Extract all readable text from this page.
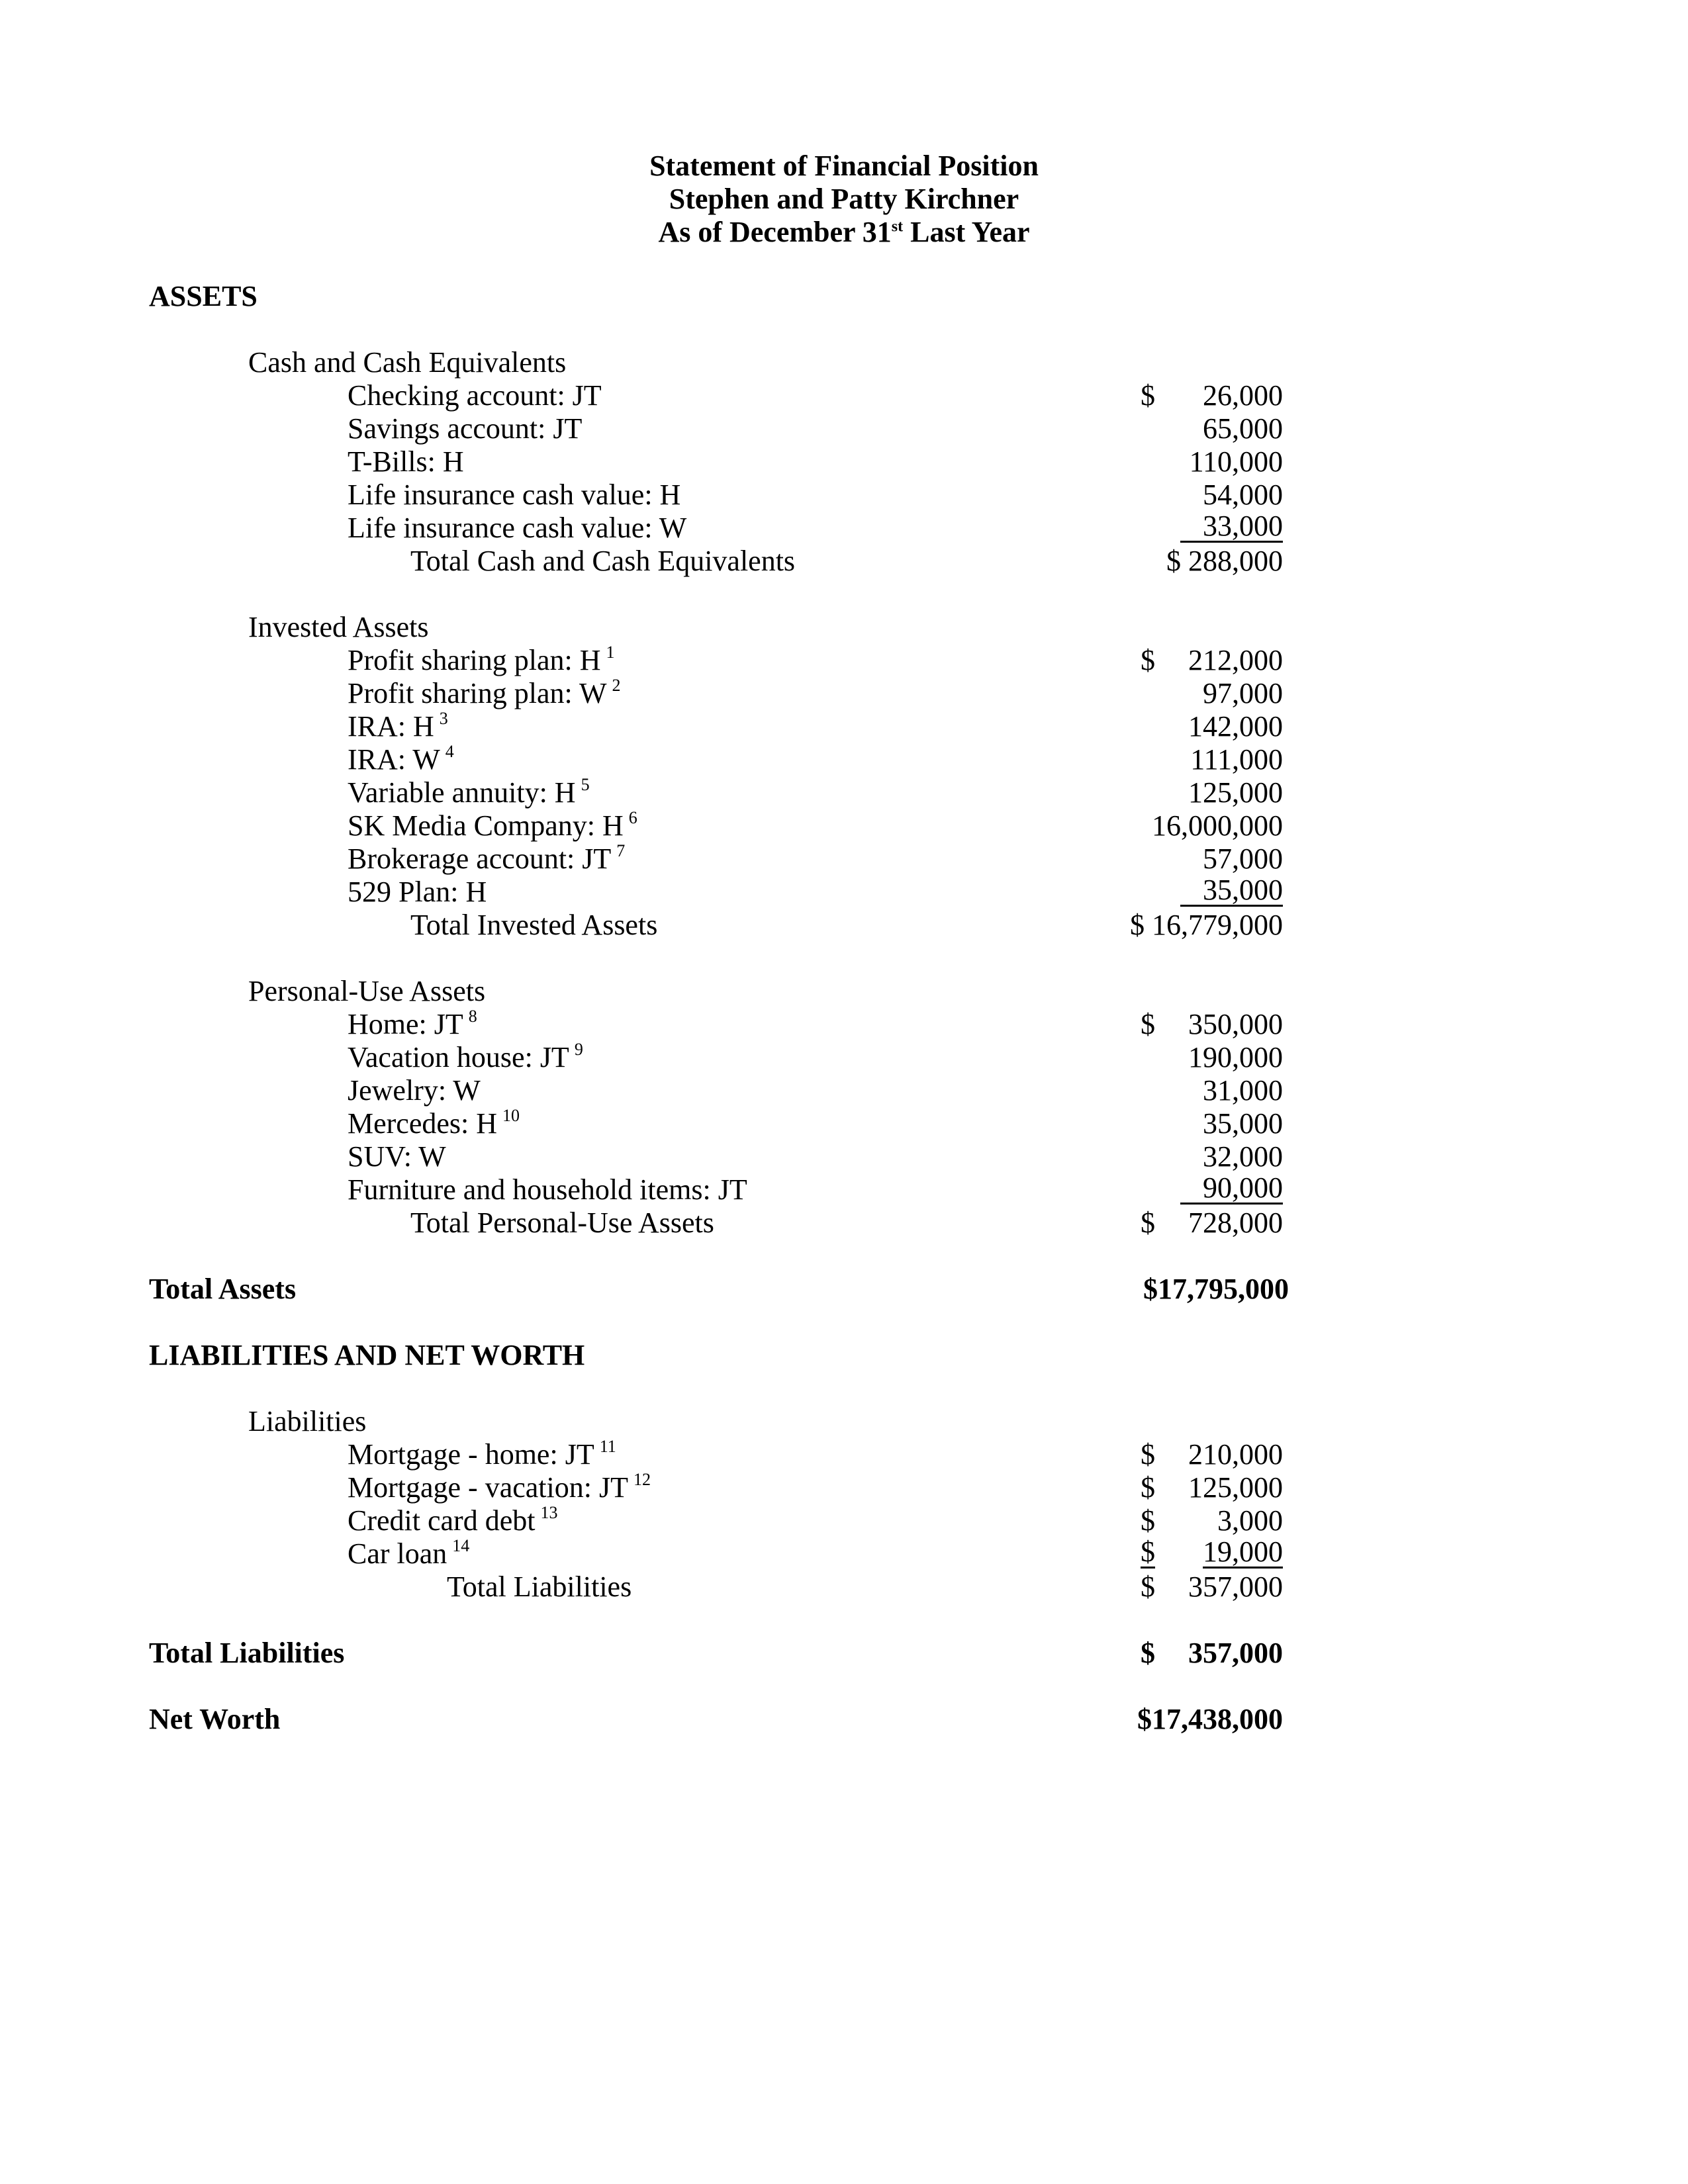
Statement of Financial Position
Stephen and Patty Kirchner
As of December 31st Last Year
ASSETS
Cash and Cash Equivalents
Checking account: JT	$ 26,000
Savings account: JT	65,000
T-Bills: H	110,000
Life insurance cash value: H	54,000
Life insurance cash value: W	33,000
Total Cash and Cash Equivalents	$ 288,000
Invested Assets
Profit sharing plan: H $^1$	$ 212,000
Profit sharing plan: W $^2$	97,000
IRA: H $^3$	142,000
IRA: W $^4$	111,000
Variable annuity: H $^5$	125,000
SK Media Company: H $^6$	16,000,000
Brokerage account: JT $^7$	57,000
529 Plan: H	35,000
Total Invested Assets	$ 16,779,000
Personal-Use Assets
Home: JT $^8$	$ 350,000
Vacation house: JT $^9$	190,000
Jewelry: W	31,000
Mercedes: H $^{10}$	35,000
SUV: W	32,000
Furniture and household items: JT	90,000
Total Personal-Use Assets	$ 728,000
Total Assets	$17,795,000
LIABILITIES AND NET WORTH
Liabilities
Mortgage - home: JT $^{11}$	$ 210,000
Mortgage - vacation: JT $^{12}$	$ 125,000
Credit card debt $^{13}$	$ 3,000
Car loan $^{14}$	$ 19,000
Total Liabilities	$ 357,000
Total Liabilities	$ 357,000
Net Worth	$17,438,000
